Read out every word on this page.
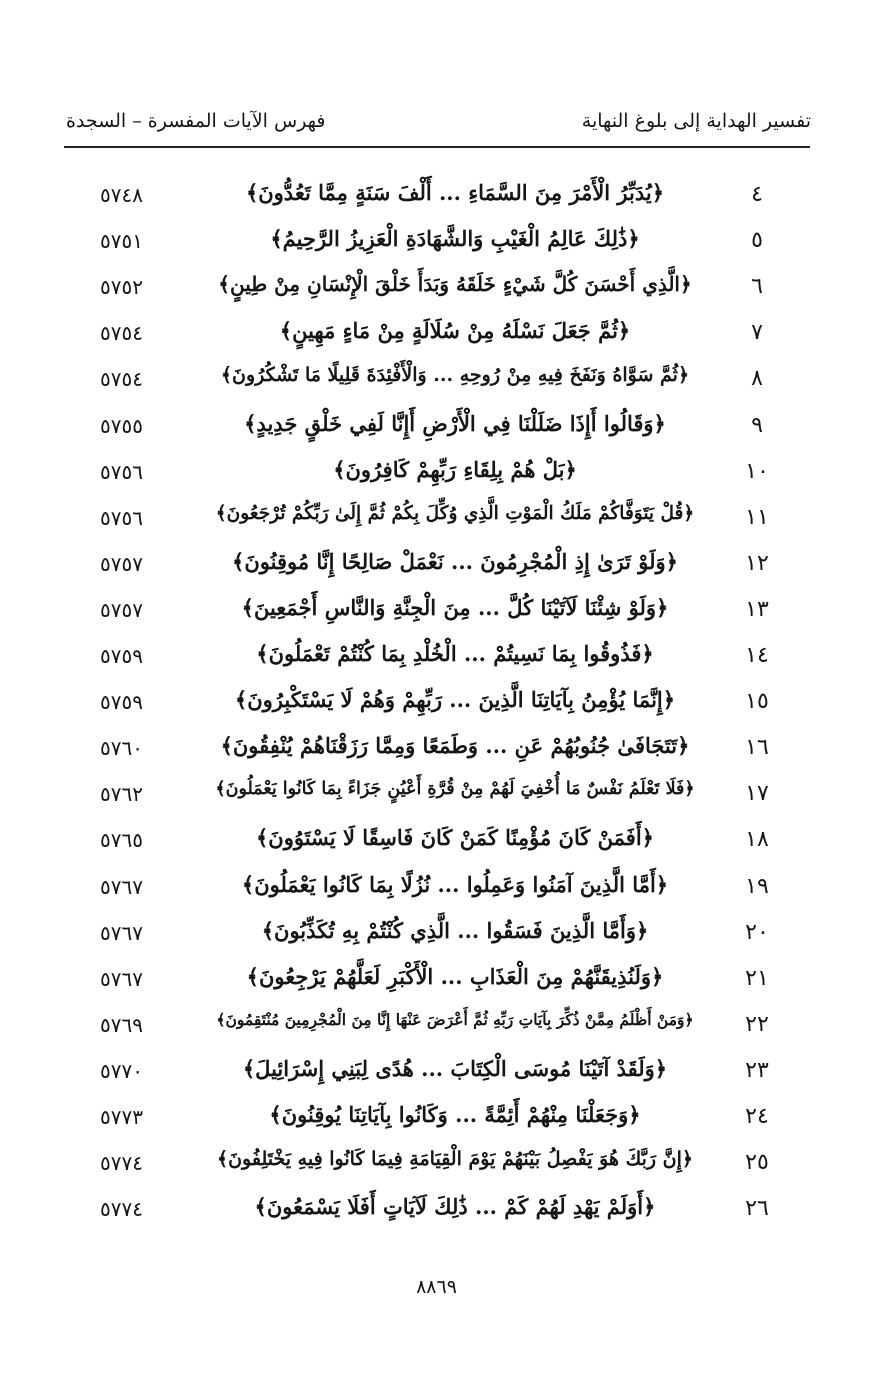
تفسير الهداية إلى بلوغ النهاية
فهرس الآيات المفسرة – السجدة
٤
﴿يُدَبِّرُ الْأَمْرَ مِنَ السَّمَاءِ ... أَلْفَ سَنَةٍ مِمَّا تَعُدُّونَ﴾
٥٧٤٨
٥
﴿ذَٰلِكَ عَالِمُ الْغَيْبِ وَالشَّهَادَةِ الْعَزِيزُ الرَّحِيمُ﴾
٥٧٥١
٦
﴿الَّذِي أَحْسَنَ كُلَّ شَيْءٍ خَلَقَهُ وَبَدَأَ خَلْقَ الْإِنْسَانِ مِنْ طِينٍ﴾
٥٧٥٢
٧
﴿ثُمَّ جَعَلَ نَسْلَهُ مِنْ سُلَالَةٍ مِنْ مَاءٍ مَهِينٍ﴾
٥٧٥٤
٨
﴿ثُمَّ سَوَّاهُ وَنَفَخَ فِيهِ مِنْ رُوحِهِ ... وَالْأَفْئِدَةَ قَلِيلًا مَا تَشْكُرُونَ﴾
٥٧٥٤
٩
﴿وَقَالُوا أَإِذَا ضَلَلْنَا فِي الْأَرْضِ أَإِنَّا لَفِي خَلْقٍ جَدِيدٍ﴾
٥٧٥٥
١٠
﴿بَلْ هُمْ بِلِقَاءِ رَبِّهِمْ كَافِرُونَ﴾
٥٧٥٦
١١
﴿قُلْ يَتَوَفَّاكُمْ مَلَكُ الْمَوْتِ الَّذِي وُكِّلَ بِكُمْ ثُمَّ إِلَىٰ رَبِّكُمْ تُرْجَعُونَ﴾
٥٧٥٦
١٢
﴿وَلَوْ تَرَىٰ إِذِ الْمُجْرِمُونَ ... نَعْمَلْ صَالِحًا إِنَّا مُوقِنُونَ﴾
٥٧٥٧
١٣
﴿وَلَوْ شِئْنَا لَآتَيْنَا كُلَّ ... مِنَ الْجِنَّةِ وَالنَّاسِ أَجْمَعِينَ﴾
٥٧٥٧
١٤
﴿فَذُوقُوا بِمَا نَسِيتُمْ ... الْخُلْدِ بِمَا كُنْتُمْ تَعْمَلُونَ﴾
٥٧٥٩
١٥
﴿إِنَّمَا يُؤْمِنُ بِآيَاتِنَا الَّذِينَ ... رَبِّهِمْ وَهُمْ لَا يَسْتَكْبِرُونَ﴾
٥٧٥٩
١٦
﴿تَتَجَافَىٰ جُنُوبُهُمْ عَنِ ... وَطَمَعًا وَمِمَّا رَزَقْنَاهُمْ يُنْفِقُونَ﴾
٥٧٦٠
١٧
﴿فَلَا تَعْلَمُ نَفْسٌ مَا أُخْفِيَ لَهُمْ مِنْ قُرَّةِ أَعْيُنٍ جَزَاءً بِمَا كَانُوا يَعْمَلُونَ﴾
٥٧٦٢
١٨
﴿أَفَمَنْ كَانَ مُؤْمِنًا كَمَنْ كَانَ فَاسِقًا لَا يَسْتَوُونَ﴾
٥٧٦٥
١٩
﴿أَمَّا الَّذِينَ آمَنُوا وَعَمِلُوا ... نُزُلًا بِمَا كَانُوا يَعْمَلُونَ﴾
٥٧٦٧
٢٠
﴿وَأَمَّا الَّذِينَ فَسَقُوا ... الَّذِي كُنْتُمْ بِهِ تُكَذِّبُونَ﴾
٥٧٦٧
٢١
﴿وَلَنُذِيقَنَّهُمْ مِنَ الْعَذَابِ ... الْأَكْبَرِ لَعَلَّهُمْ يَرْجِعُونَ﴾
٥٧٦٧
٢٢
﴿وَمَنْ أَظْلَمُ مِمَّنْ ذُكِّرَ بِآيَاتِ رَبِّهِ ثُمَّ أَعْرَضَ عَنْهَا إِنَّا مِنَ الْمُجْرِمِينَ مُنْتَقِمُونَ﴾
٥٧٦٩
٢٣
﴿وَلَقَدْ آتَيْنَا مُوسَى الْكِتَابَ ... هُدًى لِبَنِي إِسْرَائِيلَ﴾
٥٧٧٠
٢٤
﴿وَجَعَلْنَا مِنْهُمْ أَئِمَّةً ... وَكَانُوا بِآيَاتِنَا يُوقِنُونَ﴾
٥٧٧٣
٢٥
﴿إِنَّ رَبَّكَ هُوَ يَفْصِلُ بَيْنَهُمْ يَوْمَ الْقِيَامَةِ فِيمَا كَانُوا فِيهِ يَخْتَلِفُونَ﴾
٥٧٧٤
٢٦
﴿أَوَلَمْ يَهْدِ لَهُمْ كَمْ ... ذَٰلِكَ لَآيَاتٍ أَفَلَا يَسْمَعُونَ﴾
٥٧٧٤
٨٨٦٩
